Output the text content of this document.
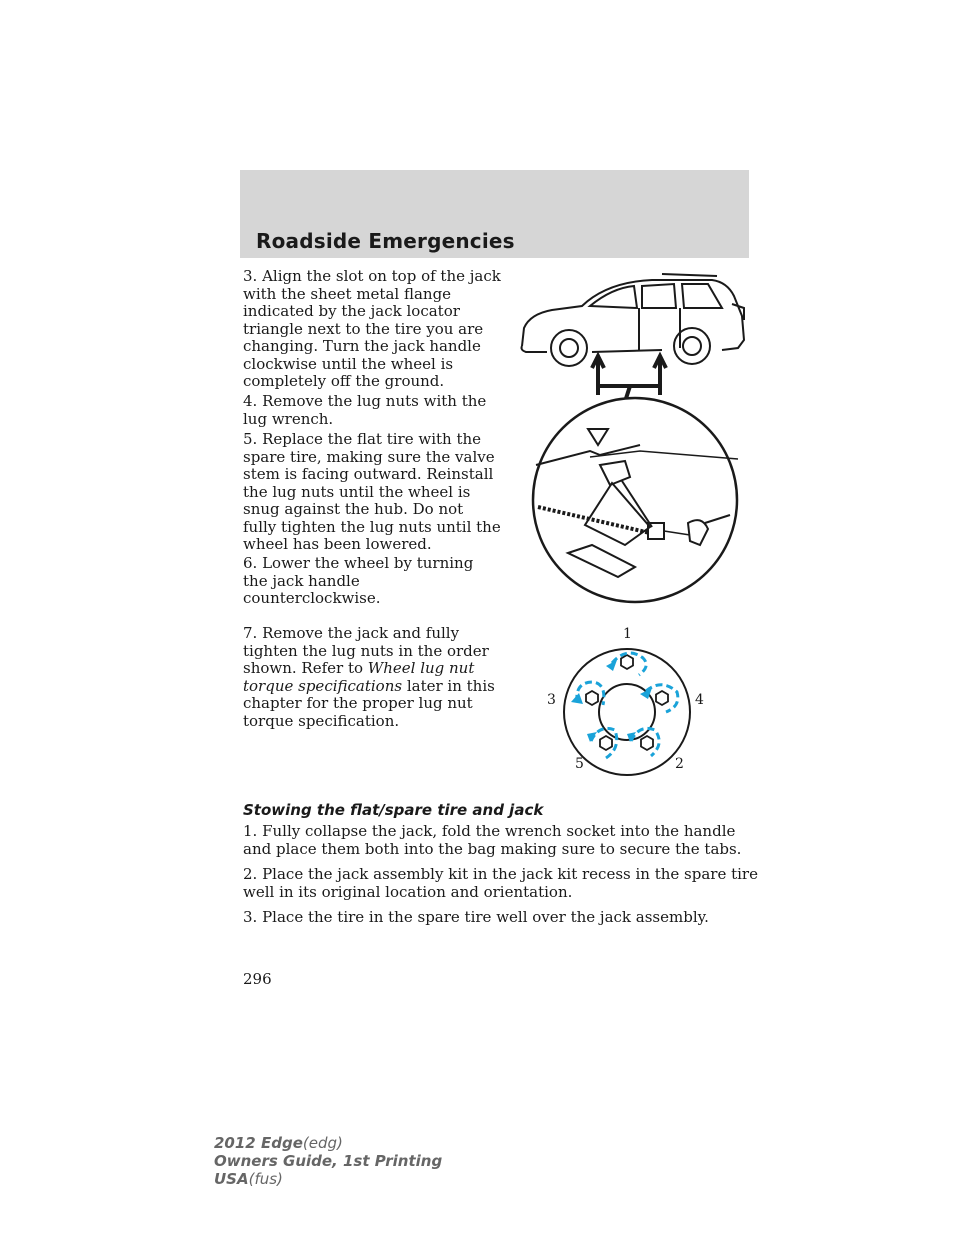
Roadside Emergencies

3. Align the slot on top of the jack with the sheet metal flange indicated by the jack locator triangle next to the tire you are changing. Turn the jack handle clockwise until the wheel is completely off the ground.

4. Remove the lug nuts with the lug wrench.

5. Replace the flat tire with the spare tire, making sure the valve stem is facing outward. Reinstall the lug nuts until the wheel is snug against the hub. Do not fully tighten the lug nuts until the wheel has been lowered.

6. Lower the wheel by turning the jack handle counterclockwise.

7. Remove the jack and fully tighten the lug nuts in the order shown. Refer to Wheel lug nut torque specifications later in this chapter for the proper lug nut torque specification.

1
2
3	4
5
Stowing the flat/spare tire and jack

1. Fully collapse the jack, fold the wrench socket into the handle and place them both into the bag making sure to secure the tabs.

2. Place the jack assembly kit in the jack kit recess in the spare tire well in its original location and orientation.

3. Place the tire in the spare tire well over the jack assembly.

296
2012 Edge(edg)
Owners Guide, 1st Printing
USA(fus)
